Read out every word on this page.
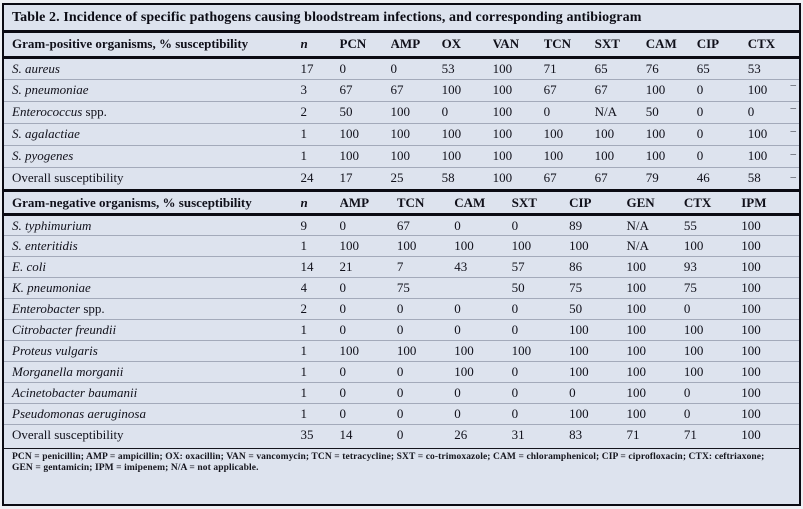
Table 2. Incidence of specific pathogens causing bloodstream infections, and corresponding antibiogram
Gram-positive organisms, % susceptibility	n	PCN	AMP	OX	VAN	TCN	SXT	CAM	CIP	CTX
S. aureus	17	0	0	53	100	71	65	76	65	53
S. pneumoniae	3	67	67	100	100	67	67	100	0	100
Enterococcus spp.	2	50	100	0	100	0	N/A	50	0	0
S. agalactiae	1	100	100	100	100	100	100	100	0	100
S. pyogenes	1	100	100	100	100	100	100	100	0	100
Overall susceptibility	24	17	25	58	100	67	67	79	46	58
Gram-negative organisms, % susceptibility	n	AMP	TCN	CAM	SXT	CIP	GEN	CTX	IPM
S. typhimurium	9	0	67	0	0	89	N/A	55	100
S. enteritidis	1	100	100	100	100	100	N/A	100	100
E. coli	14	21	7	43	57	86	100	93	100
K. pneumoniae	4	0	75		50	75	100	75	100
Enterobacter spp.	2	0	0	0	0	50	100	0	100
Citrobacter freundii	1	0	0	0	0	100	100	100	100
Proteus vulgaris	1	100	100	100	100	100	100	100	100
Morganella morganii	1	0	0	100	0	100	100	100	100
Acinetobacter baumanii	1	0	0	0	0	0	100	0	100
Pseudomonas aeruginosa	1	0	0	0	0	100	100	0	100
Overall susceptibility	35	14	0	26	31	83	71	71	100
PCN = penicillin; AMP = ampicillin; OX: oxacillin; VAN = vancomycin; TCN = tetracycline; SXT = co-trimoxazole; CAM = chloramphenicol; CIP = ciprofloxacin; CTX: ceftriaxone;
GEN = gentamicin; IPM = imipenem; N/A = not applicable.
–
–
–
–
–
